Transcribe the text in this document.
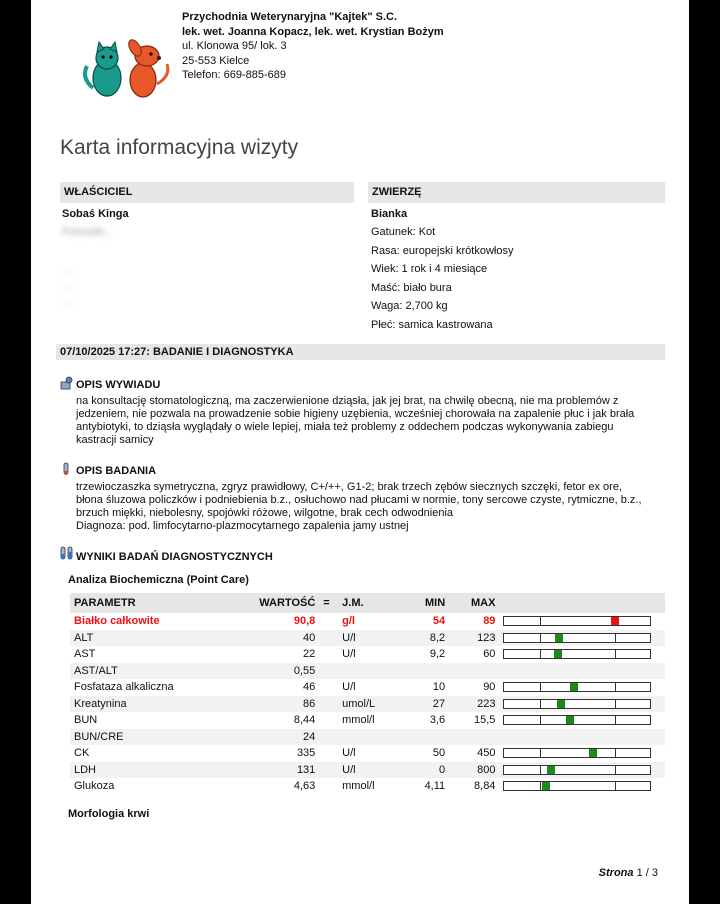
Przychodnia Weterynaryjna "Kajtek" S.C.
lek. wet. Joanna Kopacz, lek. wet. Krystian Bożym
ul. Klonowa 95/ lok. 3
25-553 Kielce
Telefon: 669-885-689
Karta informacyjna wizyty
WŁAŚCICIEL
Sobaś Kinga
Pomuski...
...
...
...
ZWIERZĘ
Bianka
Gatunek: Kot
Rasa: europejski krótkowłosy
Wiek: 1 rok i 4 miesiące
Maść: biało bura
Waga: 2,700 kg
Płeć: samica kastrowana
07/10/2025 17:27: BADANIE I DIAGNOSTYKA
OPIS WYWIADU
na konsultację stomatologiczną, ma zaczerwienione dziąsła, jak jej brat, na chwilę obecną, nie ma problemów z
jedzeniem, nie pozwala na prowadzenie sobie higieny uzębienia, wcześniej chorowała na zapalenie płuc i jak brała
antybiotyki, to dziąsła wyglądały o wiele lepiej, miała też problemy z oddechem podczas wykonywania zabiegu
kastracji samicy
OPIS BADANIA
trzewioczaszka symetryczna, zgryz prawidłowy, C+/++, G1-2; brak trzech zębów siecznych szczęki, fetor ex ore,
błona śluzowa policzków i podniebienia b.z., osłuchowo nad płucami w normie, tony sercowe czyste, rytmiczne, b.z.,
brzuch miękki, niebolesny, spojówki różowe, wilgotne, brak cech odwodnienia
Diagnoza: pod. limfocytarno-plazmocytarnego zapalenia jamy ustnej
WYNIKI BADAŃ DIAGNOSTYCZNYCH
Analiza Biochemiczna (Point Care)
PARAMETR	WARTOŚĆ	=	J.M.	MIN	MAX	
Białko całkowite	90,8		g/l	54	89	

ALT	40		U/l	8,2	123	

AST	22		U/l	9,2	60	

AST/ALT	0,55					
Fosfataza alkaliczna	46		U/l	10	90	

Kreatynina	86		umol/L	27	223	

BUN	8,44		mmol/l	3,6	15,5	

BUN/CRE	24					
CK	335		U/l	50	450	

LDH	131		U/l	0	800	

Glukoza	4,63		mmol/l	4,11	8,84	
Morfologia krwi
Strona 1 / 3
